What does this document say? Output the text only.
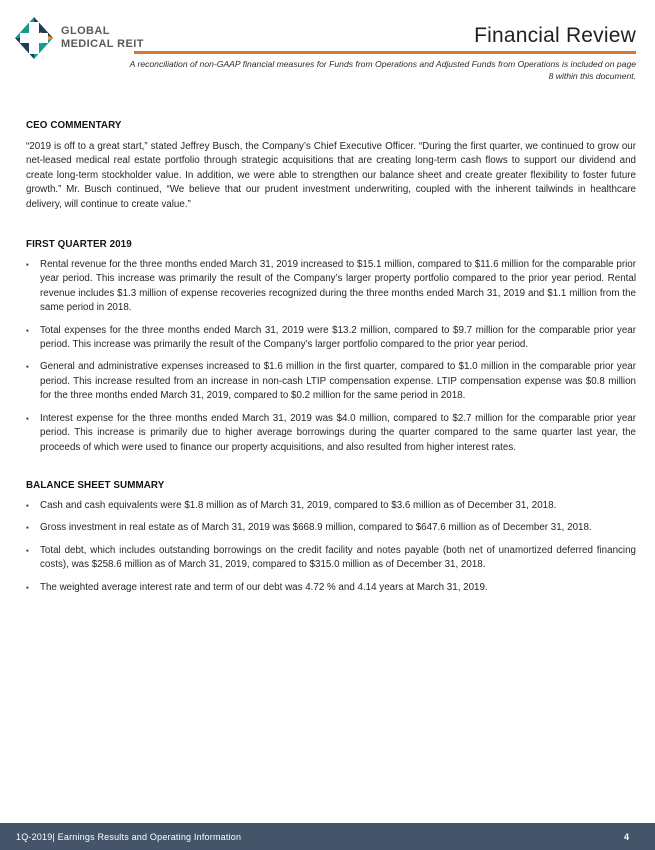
GLOBAL
MEDICAL REIT	Financial Review
A reconciliation of non-GAAP financial measures for Funds from Operations and Adjusted Funds from Operations is included on page 8 within this document.
CEO COMMENTARY
“2019 is off to a great start,” stated Jeffrey Busch, the Company’s Chief Executive Officer. “During the first quarter, we continued to grow our net-leased medical real estate portfolio through strategic acquisitions that are creating long-term cash flows to support our dividend and create long-term stockholder value. In addition, we were able to strengthen our balance sheet and create greater flexibility to foster future growth.” Mr. Busch continued, “We believe that our prudent investment underwriting, coupled with the inherent tailwinds in healthcare delivery, will continue to create value.”
FIRST QUARTER 2019
▪	Rental revenue for the three months ended March 31, 2019 increased to $15.1 million, compared to $11.6 million for the comparable prior year period. This increase was primarily the result of the Company’s larger property portfolio compared to the prior year period. Rental revenue includes $1.3 million of expense recoveries recognized during the three months ended March 31, 2019 and $1.1 million from the same period in 2018.
▪	Total expenses for the three months ended March 31, 2019 were $13.2 million, compared to $9.7 million for the comparable prior year period. This increase was primarily the result of the Company’s larger portfolio compared to the prior year period.
▪	General and administrative expenses increased to $1.6 million in the first quarter, compared to $1.0 million in the comparable prior year period. This increase resulted from an increase in non-cash LTIP compensation expense. LTIP compensation expense was $0.8 million for the three months ended March 31, 2019, compared to $0.2 million for the same period in 2018.
▪	Interest expense for the three months ended March 31, 2019 was $4.0 million, compared to $2.7 million for the comparable prior year period. This increase is primarily due to higher average borrowings during the quarter compared to the same quarter last year, the proceeds of which were used to finance our property acquisitions, and also resulted from higher interest rates.
BALANCE SHEET SUMMARY
▪	Cash and cash equivalents were $1.8 million as of March 31, 2019, compared to $3.6 million as of December 31, 2018.
▪	Gross investment in real estate as of March 31, 2019 was $668.9 million, compared to $647.6 million as of December 31, 2018.
▪	Total debt, which includes outstanding borrowings on the credit facility and notes payable (both net of unamortized deferred financing costs), was $258.6 million as of March 31, 2019, compared to $315.0 million as of December 31, 2018.
▪	The weighted average interest rate and term of our debt was 4.72 % and 4.14 years at March 31, 2019.
1Q-2019| Earnings Results and Operating Information	4
